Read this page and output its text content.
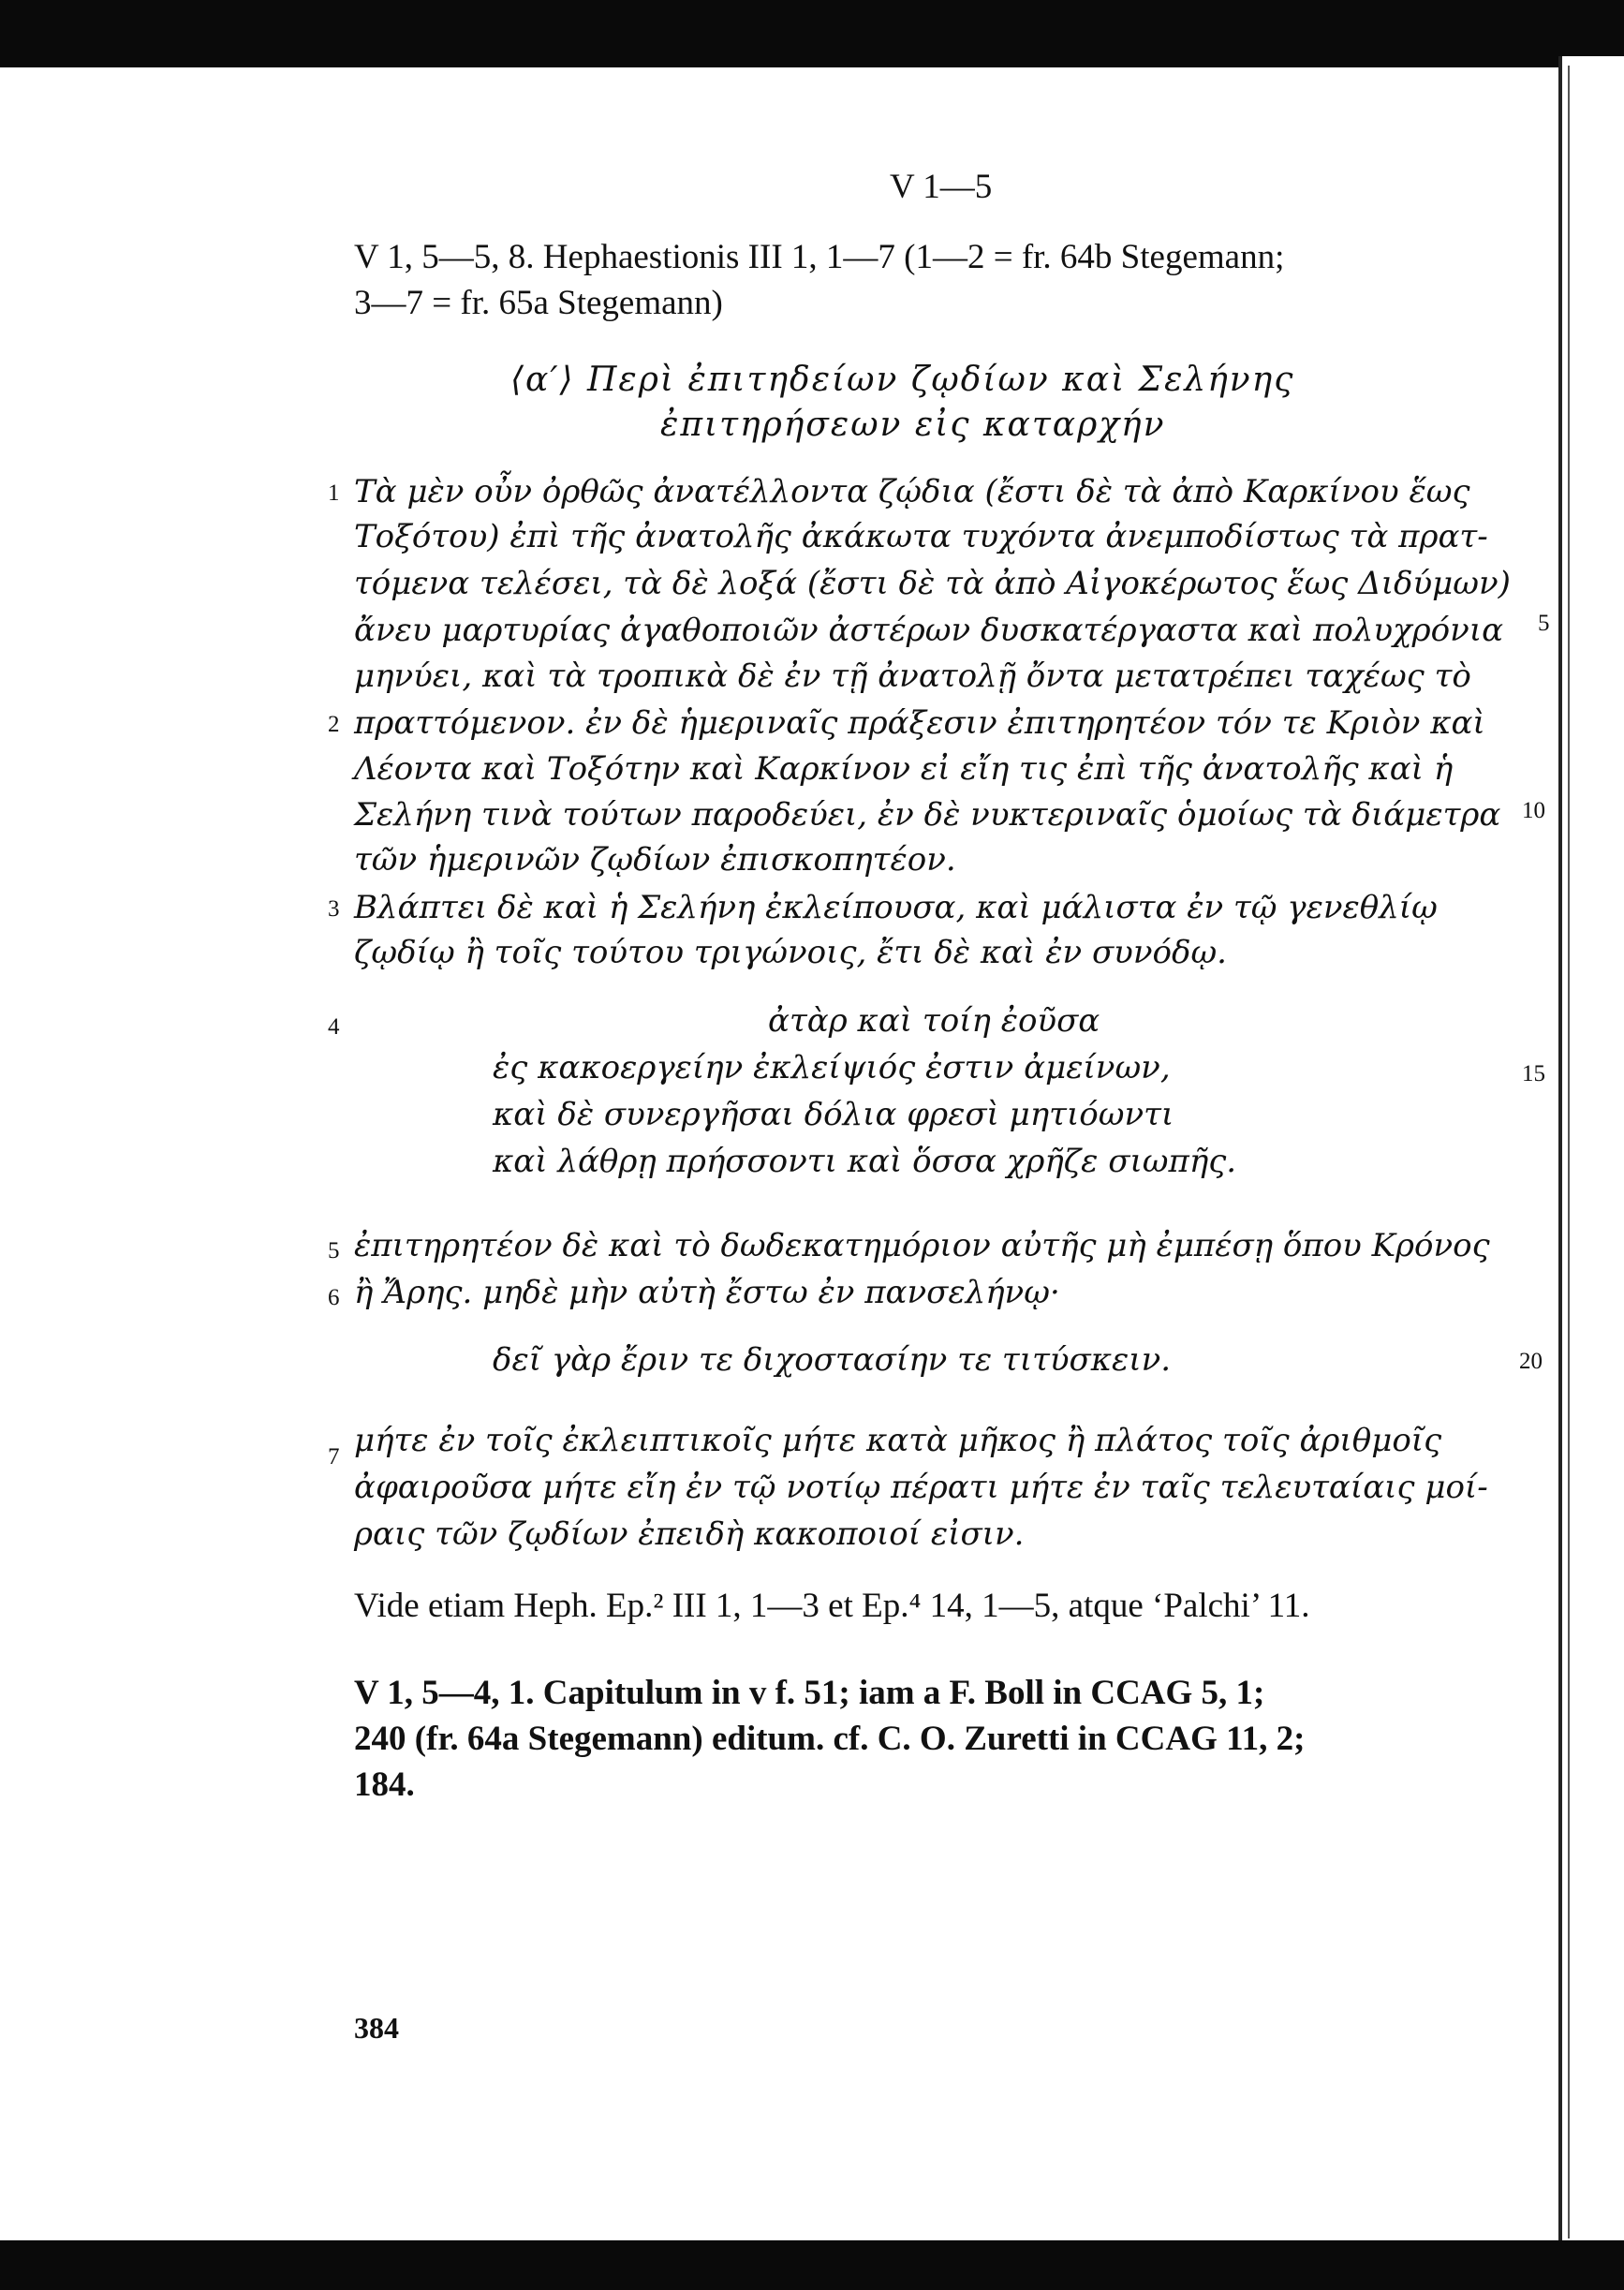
V 1—5
V 1, 5—5, 8. Hephaestionis III 1, 1—7 (1—2 = fr. 64b Stegemann;
3—7 = fr. 65a Stegemann)
⟨α′⟩ Περὶ ἐπιτηδείων ζῳδίων καὶ Σελήνης
ἐπιτηρήσεων εἰς καταρχήν
1 Τὰ μὲν οὖν ὀρθῶς ἀνατέλλοντα ζῴδια (ἔστι δὲ τὰ ἀπὸ Καρκίνου ἕως
Τοξότου) ἐπὶ τῆς ἀνατολῆς ἀκάκωτα τυχόντα ἀνεμποδίστως τὰ πρατ-
τόμενα τελέσει, τὰ δὲ λοξά (ἔστι δὲ τὰ ἀπὸ Αἰγοκέρωτος ἕως Διδύμων)
5
ἄνευ μαρτυρίας ἀγαθοποιῶν ἀστέρων δυσκατέργαστα καὶ πολυχρόνια
μηνύει, καὶ τὰ τροπικὰ δὲ ἐν τῇ ἀνατολῇ ὄντα μετατρέπει ταχέως τὸ
2 πραττόμενον. ἐν δὲ ἡμεριναῖς πράξεσιν ἐπιτηρητέον τόν τε Κριὸν καὶ
Λέοντα καὶ Τοξότην καὶ Καρκίνον εἰ εἴη τις ἐπὶ τῆς ἀνατολῆς καὶ ἡ
Σελήνη τινὰ τούτων παροδεύει, ἐν δὲ νυκτεριναῖς ὁμοίως τὰ διάμετρα 10
τῶν ἡμερινῶν ζῳδίων ἐπισκοπητέον.
3 Βλάπτει δὲ καὶ ἡ Σελήνη ἐκλείπουσα, καὶ μάλιστα ἐν τῷ γενεθλίῳ
ζῳδίῳ ἢ τοῖς τούτου τριγώνοις, ἔτι δὲ καὶ ἐν συνόδῳ.
4	ἀτὰρ καὶ τοίη ἐοῦσα
ἐς κακοεργείην ἐκλείψιός ἐστιν ἀμείνων,	15
καὶ δὲ συνεργῆσαι δόλια φρεσὶ μητιόωντι
καὶ λάθρῃ πρήσσοντι καὶ ὅσσα χρῆζε σιωπῆς.
5 ἐπιτηρητέον δὲ καὶ τὸ δωδεκατημόριον αὐτῆς μὴ ἐμπέσῃ ὅπου Κρόνος
6 ἢ Ἄρης. μηδὲ μὴν αὐτὴ ἔστω ἐν πανσελήνῳ·
δεῖ γὰρ ἔριν τε διχοστασίην τε τιτύσκειν.	20
7 μήτε ἐν τοῖς ἐκλειπτικοῖς μήτε κατὰ μῆκος ἢ πλάτος τοῖς ἀριθμοῖς
ἀφαιροῦσα μήτε εἴη ἐν τῷ νοτίῳ πέρατι μήτε ἐν ταῖς τελευταίαις μοί-
ραις τῶν ζῳδίων ἐπειδὴ κακοποιοί εἰσιν.
Vide etiam Heph. Ep.² III 1, 1—3 et Ep.⁴ 14, 1—5, atque ‘Palchi’ 11.
V 1, 5—4, 1. Capitulum in v f. 51; iam a F. Boll in CCAG 5, 1;
240 (fr. 64a Stegemann) editum. cf. C. O. Zuretti in CCAG 11, 2;
184.
384
